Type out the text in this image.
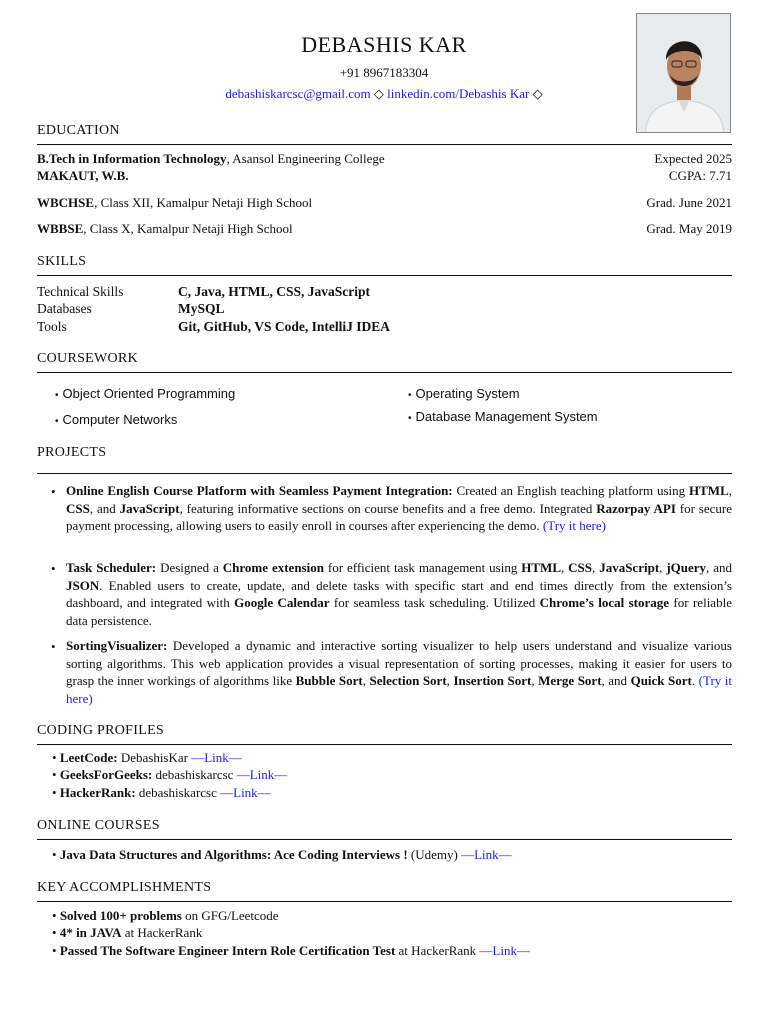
DEBASHIS KAR
+91 8967183304
debashiskarcsc@gmail.com ◇ linkedin.com/Debashis Kar ◇
EDUCATION
B.Tech in Information Technology, Asansol Engineering College	Expected 2025
MAKAUT, W.B.	CGPA: 7.71
WBCHSE, Class XII, Kamalpur Netaji High School	Grad. June 2021
WBBSE, Class X, Kamalpur Netaji High School	Grad. May 2019
SKILLS
Technical Skills	C, Java, HTML, CSS, JavaScript
Databases	MySQL
Tools	Git, GitHub, VS Code, IntelliJ IDEA
COURSEWORK
• Object Oriented Programming	• Operating System
• Computer Networks	• Database Management System
PROJECTS
• Online English Course Platform with Seamless Payment Integration: Created an English teaching platform using HTML, CSS, and JavaScript, featuring informative sections on course benefits and a free demo. Integrated Razorpay API for secure payment processing, allowing users to easily enroll in courses after experiencing the demo. (Try it here)
• Task Scheduler: Designed a Chrome extension for efficient task management using HTML, CSS, JavaScript, jQuery, and JSON. Enabled users to create, update, and delete tasks with specific start and end times directly from the extension’s dashboard, and integrated with Google Calendar for seamless task scheduling. Utilized Chrome’s local storage for reliable data persistence.
• SortingVisualizer: Developed a dynamic and interactive sorting visualizer to help users understand and visualize various sorting algorithms. This web application provides a visual representation of sorting processes, making it easier for users to grasp the inner workings of algorithms like Bubble Sort, Selection Sort, Insertion Sort, Merge Sort, and Quick Sort. (Try it here)
CODING PROFILES
• LeetCode: DebashisKar —Link—
• GeeksForGeeks: debashiskarcsc —Link—
• HackerRank: debashiskarcsc —Link—
ONLINE COURSES
• Java Data Structures and Algorithms: Ace Coding Interviews ! (Udemy) —Link—
KEY ACCOMPLISHMENTS
• Solved 100+ problems on GFG/Leetcode
• 4* in JAVA at HackerRank
• Passed The Software Engineer Intern Role Certification Test at HackerRank —Link—
